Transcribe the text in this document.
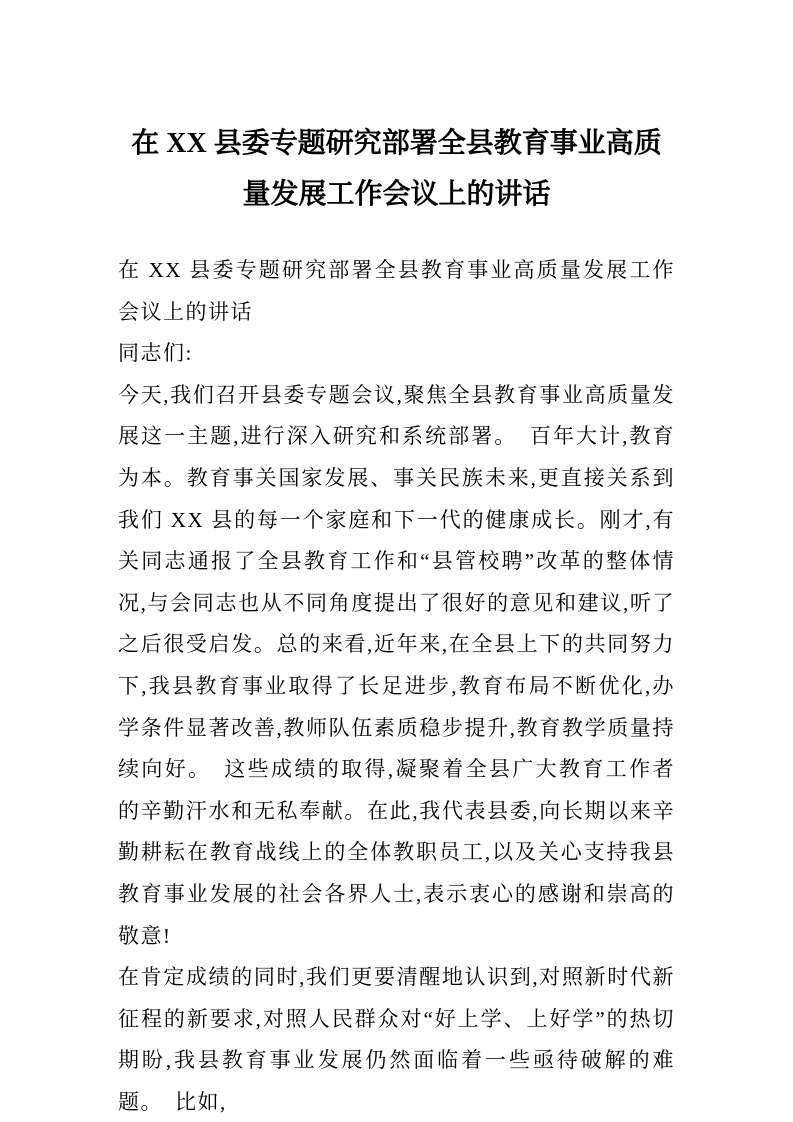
在 XX 县委专题研究部署全县教育事业高质
量发展工作会议上的讲话

在 XX 县委专题研究部署全县教育事业高质量发展工作会议上的讲话

同志们:

今天,我们召开县委专题会议,聚焦全县教育事业高质量发展这一主题,进行深入研究和系统部署。　百年大计,教育为本。教育事关国家发展、事关民族未来,更直接关系到我们 XX 县的每一个家庭和下一代的健康成长。刚才,有关同志通报了全县教育工作和“县管校聘”改革的整体情况,与会同志也从不同角度提出了很好的意见和建议,听了之后很受启发。总的来看,近年来,在全县上下的共同努力下,我县教育事业取得了长足进步,教育布局不断优化,办学条件显著改善,教师队伍素质稳步提升,教育教学质量持续向好。　这些成绩的取得,凝聚着全县广大教育工作者的辛勤汗水和无私奉献。在此,我代表县委,向长期以来辛勤耕耘在教育战线上的全体教职员工,以及关心支持我县教育事业发展的社会各界人士,表示衷心的感谢和崇高的敬意!

在肯定成绩的同时,我们更要清醒地认识到,对照新时代新征程的新要求,对照人民群众对“好上学、上好学”的热切期盼,我县教育事业发展仍然面临着一些亟待破解的难题。　比如,
